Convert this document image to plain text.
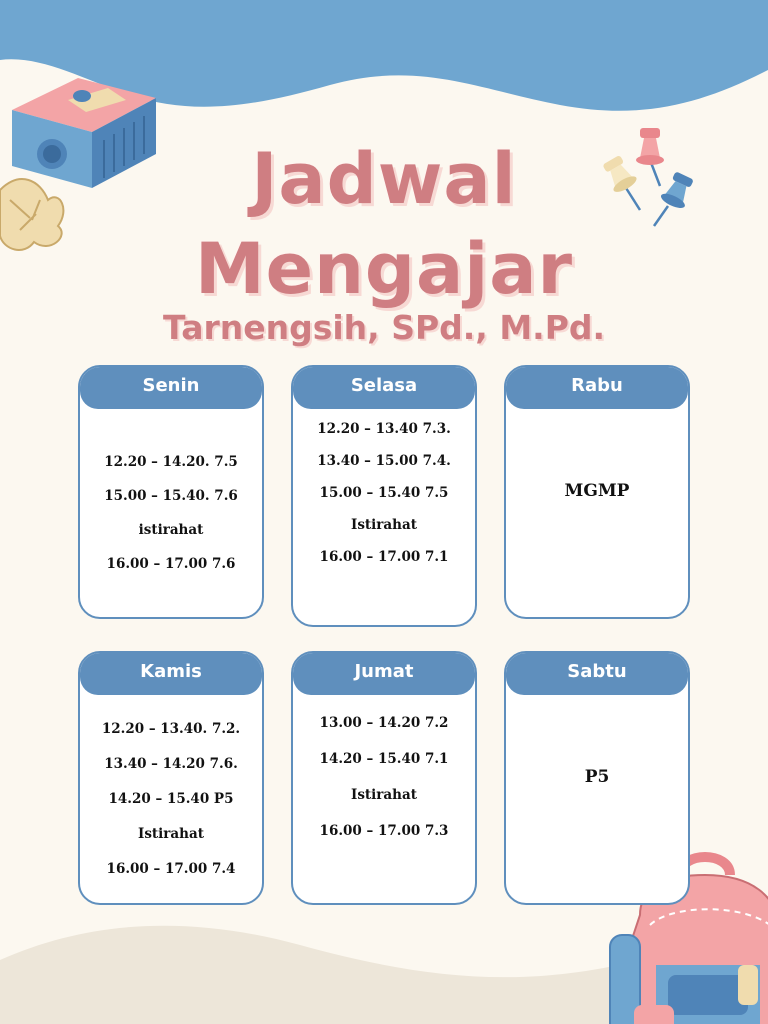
Jadwal
Mengajar
Tarnengsih, SPd., M.Pd.
Senin
12.20 – 14.20. 7.5
15.00 – 15.40. 7.6
istirahat
16.00 – 17.00 7.6
Selasa
12.20 – 13.40 7.3.
13.40 – 15.00 7.4.
15.00 – 15.40 7.5
Istirahat
16.00 – 17.00 7.1
Rabu
MGMP
Kamis
12.20 – 13.40. 7.2.
13.40 – 14.20 7.6.
14.20 – 15.40 P5
Istirahat
16.00 – 17.00 7.4
Jumat
13.00 – 14.20 7.2
14.20 – 15.40 7.1
Istirahat
16.00 – 17.00 7.3
Sabtu
P5
